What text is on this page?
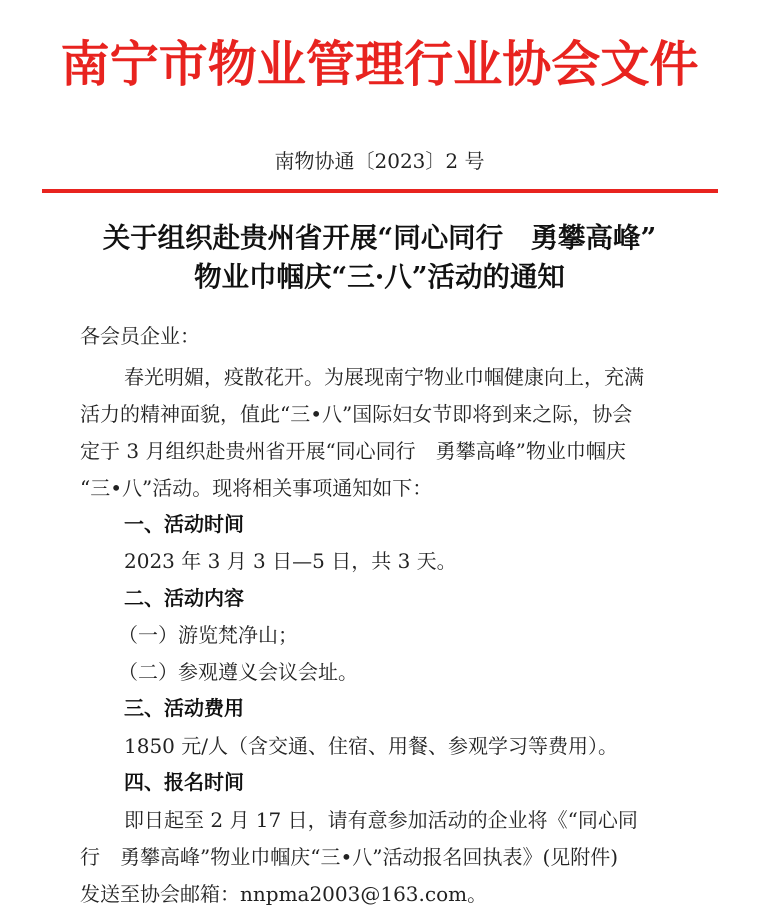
南宁市物业管理行业协会文件
南物协通〔2023〕2 号
关于组织赴贵州省开展“同心同行　勇攀高峰”
物业巾帼庆“三·八”活动的通知
各会员企业：
春光明媚，疫散花开。为展现南宁物业巾帼健康向上，充满
活力的精神面貌，值此“三•八”国际妇女节即将到来之际，协会
定于 3 月组织赴贵州省开展“同心同行　勇攀高峰”物业巾帼庆
“三•八”活动。现将相关事项通知如下：
一、活动时间
2023 年 3 月 3 日—5 日，共 3 天。
二、活动内容
（一）游览梵净山；
（二）参观遵义会议会址。
三、活动费用
1850 元/人（含交通、住宿、用餐、参观学习等费用）。
四、报名时间
即日起至 2 月 17 日，请有意参加活动的企业将《“同心同
行　勇攀高峰”物业巾帼庆“三•八”活动报名回执表》(见附件)
发送至协会邮箱：nnpma2003@163.com。
